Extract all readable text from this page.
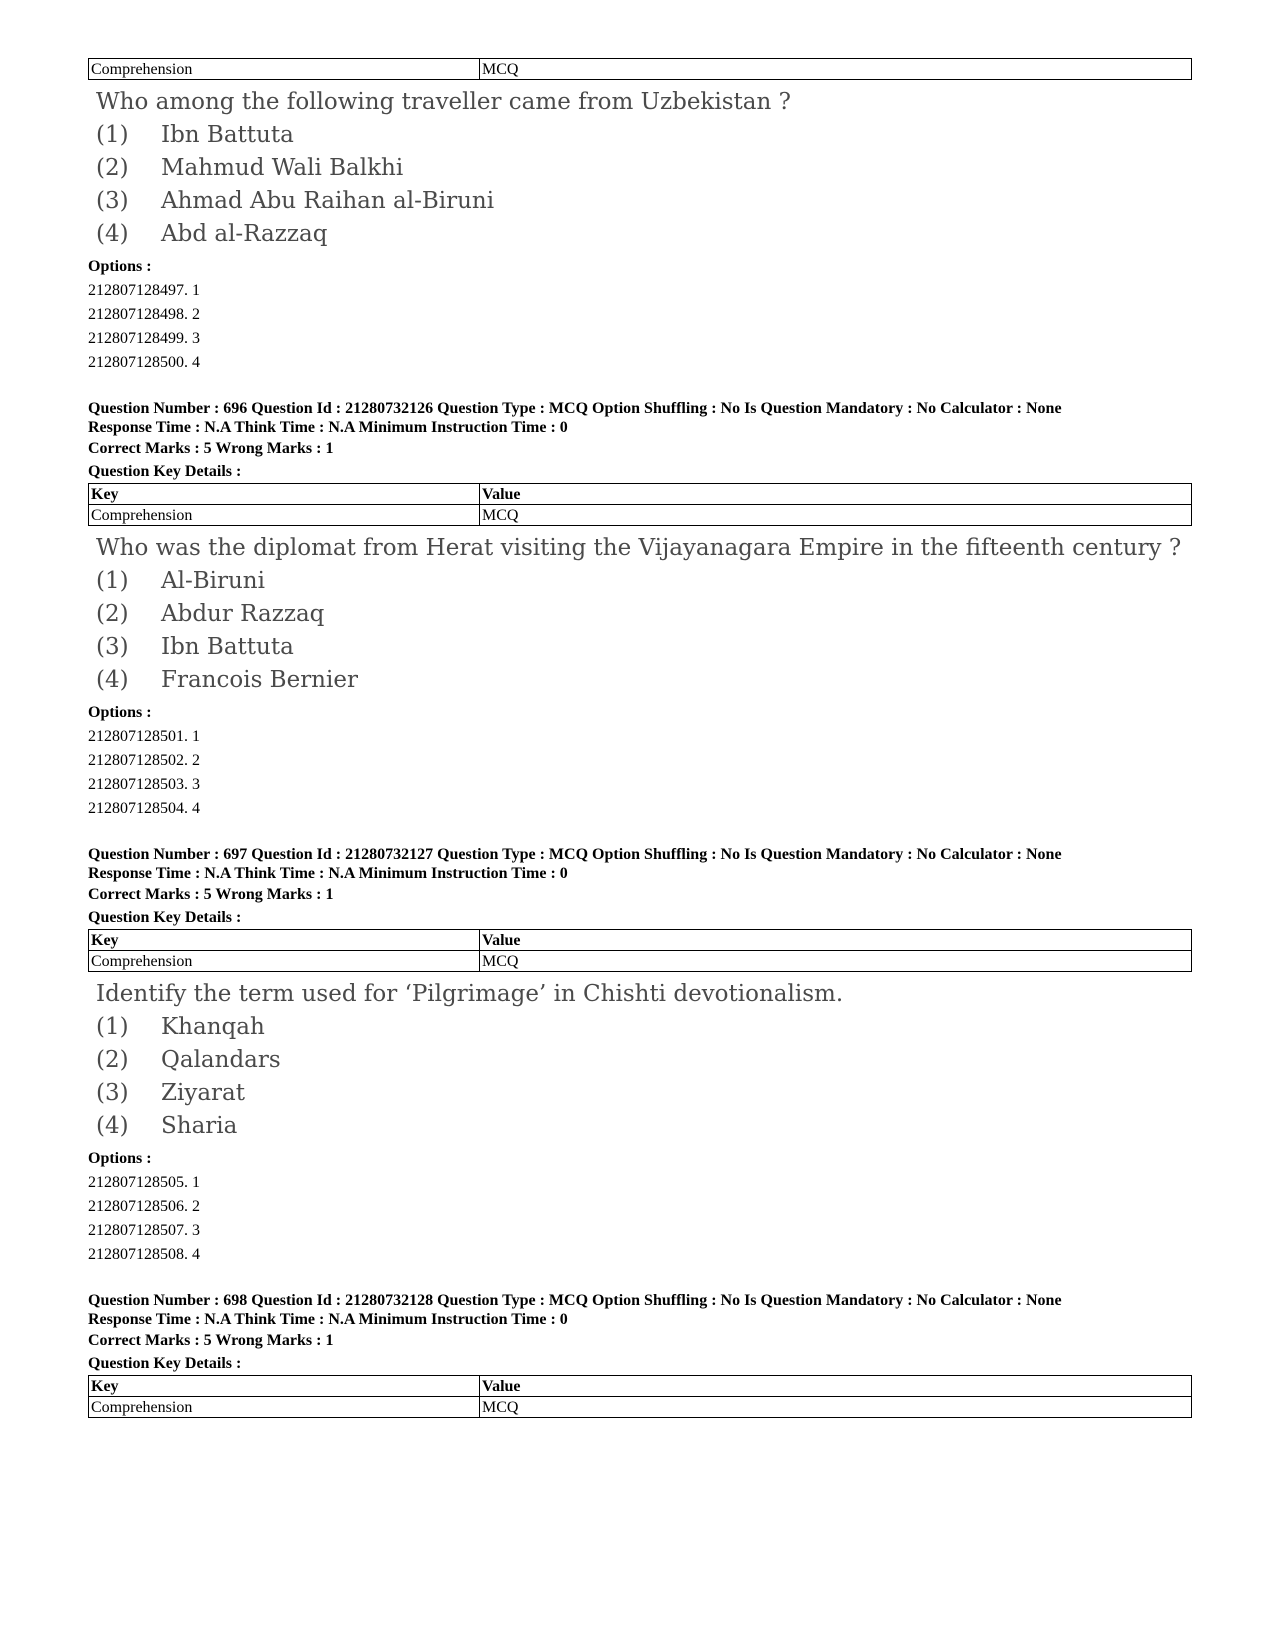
Comprehension	MCQ
Who among the following traveller came from Uzbekistan ?
(1)	Ibn Battuta
(2)	Mahmud Wali Balkhi
(3)	Ahmad Abu Raihan al-Biruni
(4)	Abd al-Razzaq
Options :
212807128497. 1
212807128498. 2
212807128499. 3
212807128500. 4
Question Number : 696 Question Id : 21280732126 Question Type : MCQ Option Shuffling : No Is Question Mandatory : No Calculator : None
Response Time : N.A Think Time : N.A Minimum Instruction Time : 0
Correct Marks : 5 Wrong Marks : 1
Question Key Details :
Key	Value
Comprehension	MCQ
Who was the diplomat from Herat visiting the Vijayanagara Empire in the fifteenth century ?
(1)	Al-Biruni
(2)	Abdur Razzaq
(3)	Ibn Battuta
(4)	Francois Bernier
Options :
212807128501. 1
212807128502. 2
212807128503. 3
212807128504. 4
Question Number : 697 Question Id : 21280732127 Question Type : MCQ Option Shuffling : No Is Question Mandatory : No Calculator : None
Response Time : N.A Think Time : N.A Minimum Instruction Time : 0
Correct Marks : 5 Wrong Marks : 1
Question Key Details :
Key	Value
Comprehension	MCQ
Identify the term used for ‘Pilgrimage’ in Chishti devotionalism.
(1)	Khanqah
(2)	Qalandars
(3)	Ziyarat
(4)	Sharia
Options :
212807128505. 1
212807128506. 2
212807128507. 3
212807128508. 4
Question Number : 698 Question Id : 21280732128 Question Type : MCQ Option Shuffling : No Is Question Mandatory : No Calculator : None
Response Time : N.A Think Time : N.A Minimum Instruction Time : 0
Correct Marks : 5 Wrong Marks : 1
Question Key Details :
Key	Value
Comprehension	MCQ
